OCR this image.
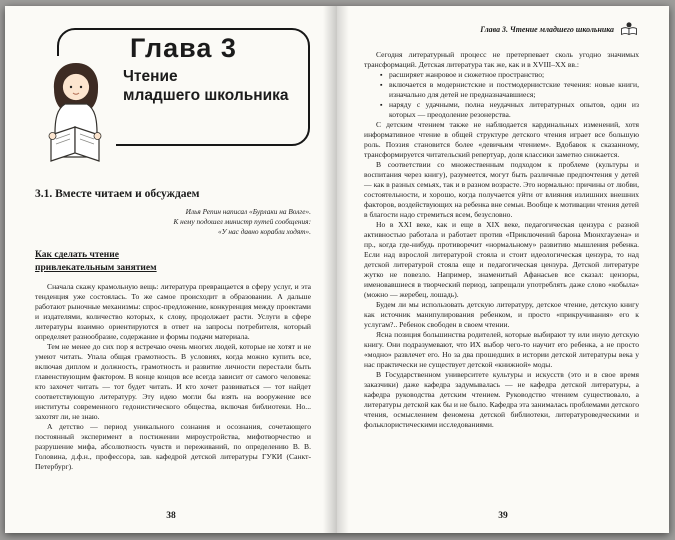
Глава 3
Чтение
младшего школьника
3.1. Вместе читаем и обсуждаем
Илья Репин написал «Бурлаки на Волге».
К нему подошел министр путей сообщения:
«У нас давно корабли ходят».
Как сделать чтение
привлекательным занятием

Сначала скажу крамольную вещь: литература превращается в сферу услуг, и эта тенденция уже состоялась. То же самое происходит в образовании. А дальше работают рыночные механизмы: спрос-предложение, конкуренция между проектами и издателями, количество которых, к слову, продолжает расти. Услуги в сфере литературы взаимно ориентируются в ответ на запросы потребителя, который определяет разнообразие, содержание и формы подачи материала.

Тем не менее до сих пор я встречаю очень многих людей, которые не хотят и не умеют читать. Упала общая грамотность. В условиях, когда можно купить все, включая диплом и должность, грамотность и развитие личности перестали быть главенствующим фактором. В конце концов все всегда зависит от самого человека: кто захочет читать — тот будет читать. И кто хочет развиваться — тот найдет соответствующую литературу. Эту идею могли бы взять на вооружение все институты современного гедонистического общества, включая библиотеки. Но... захотят ли, не знаю.

А детство — период уникального сознания и осознания, сочетающего постоянный эксперимент в постижении мироустройства, мифотворчество и разрушение мифа, абсолютность чувств и переживаний, по определению В. В. Головина, д.ф.н., профессора, зав. кафедрой детской литературы ГУКИ (Санкт-Петербург).

38
Глава 3. Чтение младшего школьника

Сегодня литературный процесс не претерпевает сколь угодно значимых трансформаций. Детская литература так же, как и в XVIII–XX вв.:

▪ расширяет жанровое и сюжетное пространство;
▪ включается в модернистские и постмодернистские течения: новые книги, изначально для детей не предназначавшиеся;
▪ наряду с удачными, полна неудачных литературных опытов, один из которых — преодоление резонерства.

С детским чтением также не наблюдается кардинальных изменений, хотя информативное чтение в общей структуре детского чтения играет все большую роль. Поэзия становится более «девичьим чтением». Вдобавок к сказанному, трансформируется читательский репертуар, доля классики заметно снижается.

В соответствии со множественным подходом к проблеме (культуры и воспитания через книгу), разумеется, могут быть различные предпочтения у детей — как в разных семьях, так и в разном возрасте. Это нормально: причины от любви, состоятельности, и хорошо, когда получается уйти от влияния излишних внешних факторов, воздействующих на ребенка вне семьи. Вообще к мотивации чтения детей в благости надо стремиться всем, безусловно.

Но в XXI веке, как и еще в XIX веке, педагогическая цензура с разной активностью работала и работает против «Приключений барона Мюнхгаузена» и пр., когда где-нибудь противоречит «нормальному» развитию мышления ребенка. Если над взрослой литературой стояла и стоит идеологическая цензура, то над детской литературой стояла еще и педагогическая цензура. Детской литературе жутко не повезло. Например, знаменитый Афанасьев все сказал: цензоры, именовавшиеся в творческий период, запрещали употреблять даже слово «кобыла» (можно — жеребец, лошадь).

Будем ли мы использовать детскую литературу, детское чтение, детскую книгу как источник манипулирования ребенком, и просто «прикручивания» его к услугам?.. Ребенок свободен в своем чтении.

Ясна позиция большинства родителей, которые выбирают ту или иную детскую книгу. Они подразумевают, что ИХ выбор чего-то научит его ребенка, а не просто «модно» развлечет его. Но за два прошедших в истории детской литературы века у нас практически не существует детской «книжной» моды.

В Государственном университете культуры и искусств (это и в свое время заказчики) даже кафедра задумывалась — не кафедра детской литературы, а кафедра руководства детским чтением. Руководство чтением существовало, а литературы детской как бы и не было. Кафедра эта занималась проблемами детского чтения, осмыслением феномена детской библиотеки, литературоведческими и фольклористическими исследованиями.

39
